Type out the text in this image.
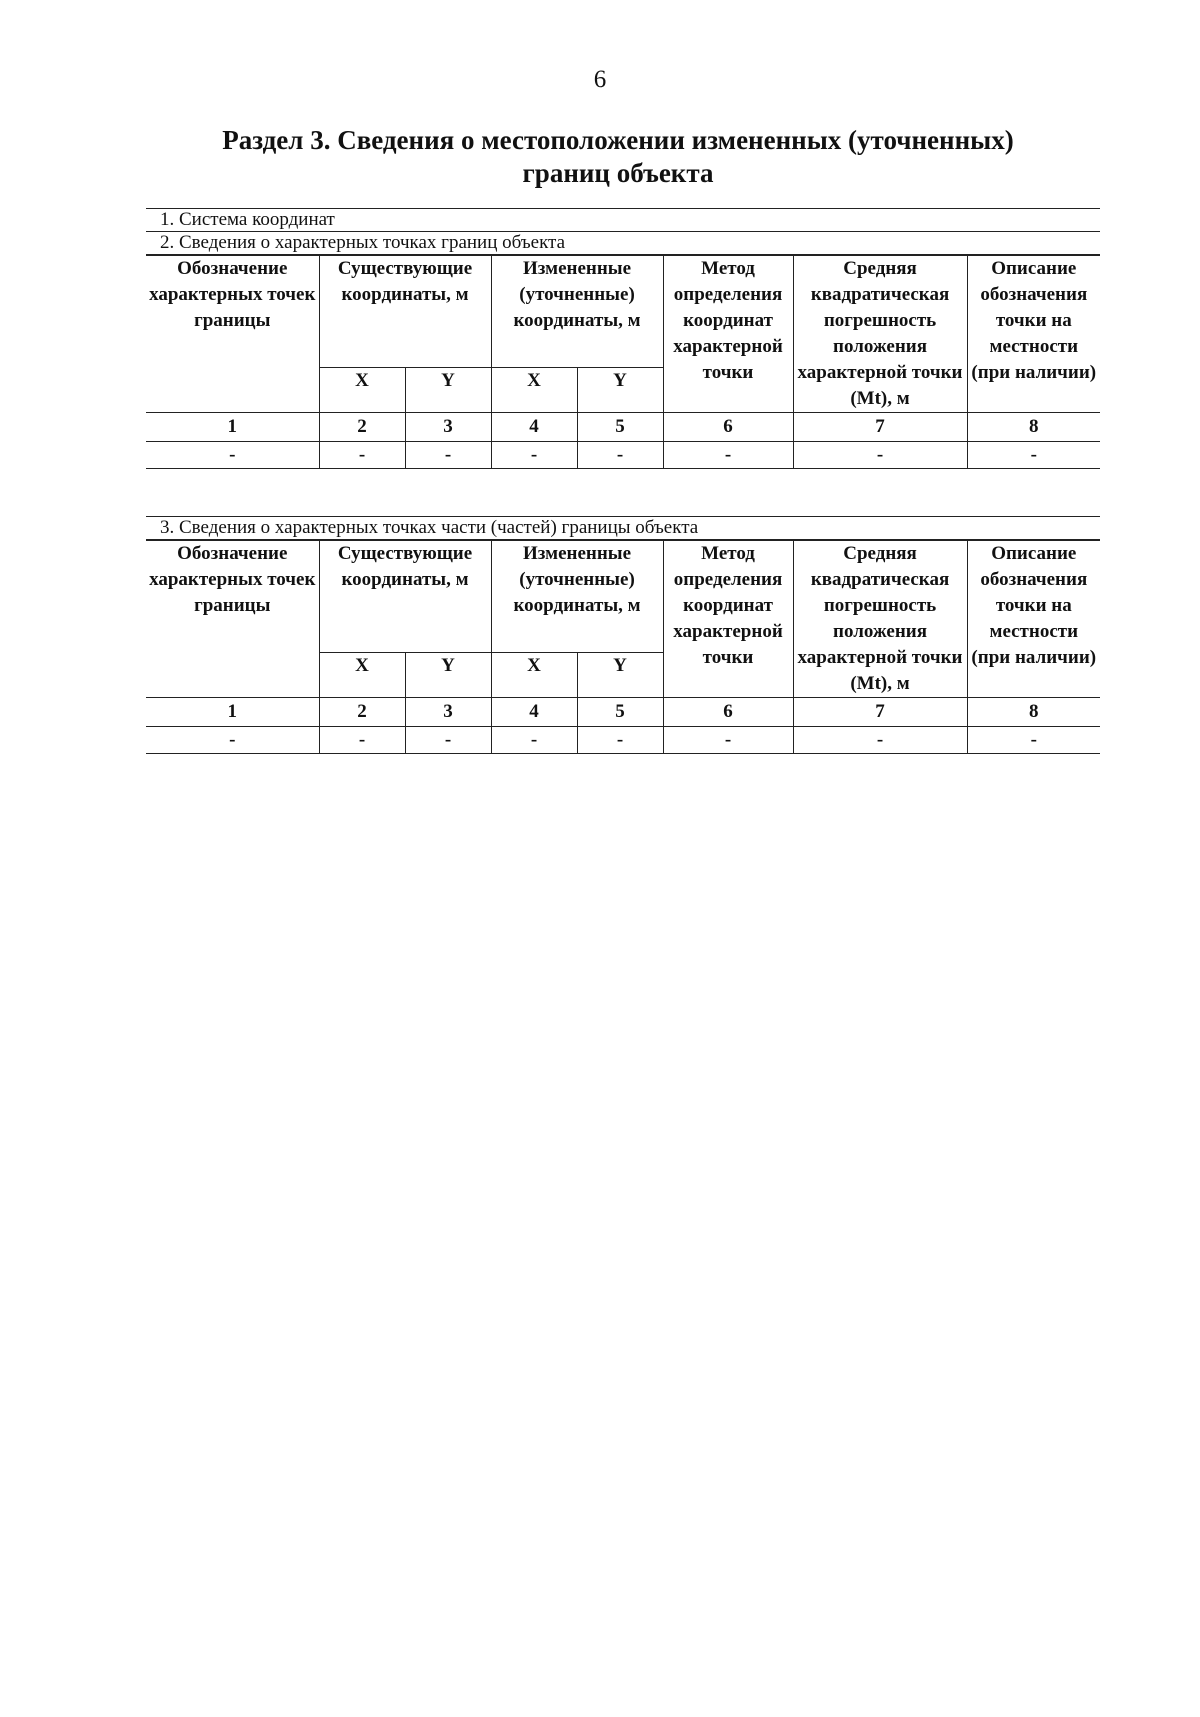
6
Раздел 3. Сведения о местоположении измененных (уточненных)
границ объекта
1. Система координат
2. Сведения о характерных точках границ объекта
Обозначение характерных точек границы	Существующие координаты, м		Измененные (уточненные) координаты, м		Метод определения координат характерной точки	Средняя квадратическая погрешность положения характерной точки (Mt), м	Описание обозначения точки на местности (при наличии)
	X	Y	X	Y			
1	2	3	4	5	6	7	8
-	-	-	-	-	-	-	-
3. Сведения о характерных точках части (частей) границы объекта
Обозначение характерных точек границы	Существующие координаты, м		Измененные (уточненные) координаты, м		Метод определения координат характерной точки	Средняя квадратическая погрешность положения характерной точки (Mt), м	Описание обозначения точки на местности (при наличии)
	X	Y	X	Y			
1	2	3	4	5	6	7	8
-	-	-	-	-	-	-	-
